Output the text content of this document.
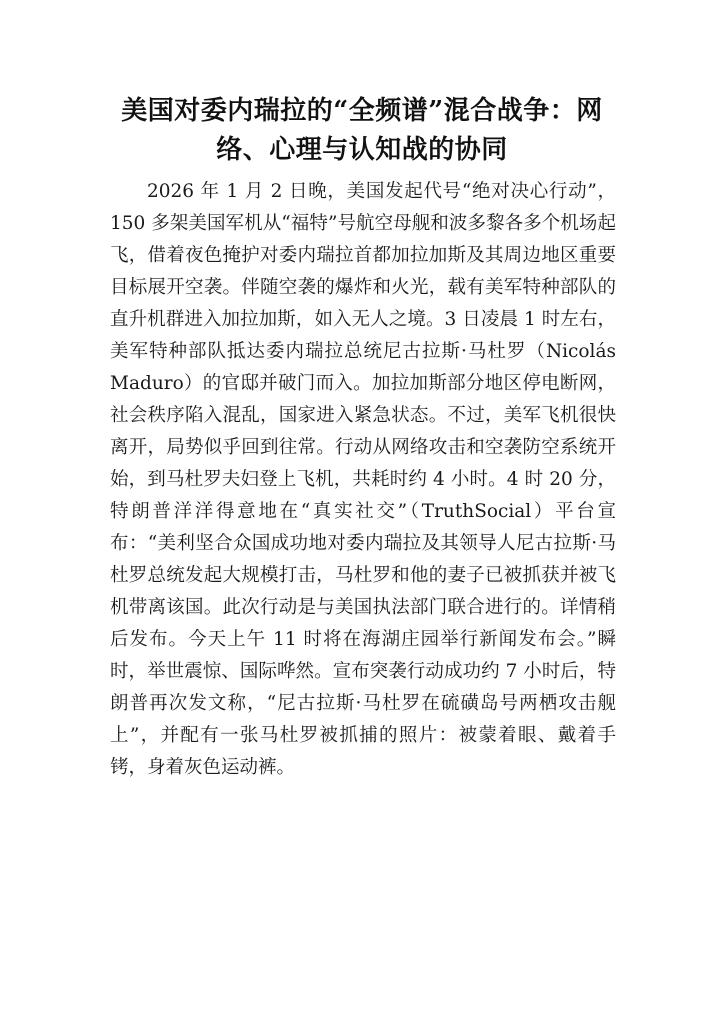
美国对委内瑞拉的“全频谱”混合战争：网络、心理与认知战的协同

2026 年 1 月 2 日晚，美国发起代号“绝对决心行动”，150 多架美国军机从“福特”号航空母舰和波多黎各多个机场起飞，借着夜色掩护对委内瑞拉首都加拉加斯及其周边地区重要目标展开空袭。伴随空袭的爆炸和火光，载有美军特种部队的直升机群进入加拉加斯，如入无人之境。3 日凌晨 1 时左右，美军特种部队抵达委内瑞拉总统尼古拉斯·马杜罗（Nicolás Maduro）的官邸并破门而入。加拉加斯部分地区停电断网，社会秩序陷入混乱，国家进入紧急状态。不过，美军飞机很快离开，局势似乎回到往常。行动从网络攻击和空袭防空系统开始，到马杜罗夫妇登上飞机，共耗时约 4 小时。4 时 20 分，特朗普洋洋得意地在“真实社交”（TruthSocial）平台宣布：“美利坚合众国成功地对委内瑞拉及其领导人尼古拉斯·马杜罗总统发起大规模打击，马杜罗和他的妻子已被抓获并被飞机带离该国。此次行动是与美国执法部门联合进行的。详情稍后发布。今天上午 11 时将在海湖庄园举行新闻发布会。”瞬时，举世震惊、国际哗然。宣布突袭行动成功约 7 小时后，特朗普再次发文称，“尼古拉斯·马杜罗在硫磺岛号两栖攻击舰上”，并配有一张马杜罗被抓捕的照片：被蒙着眼、戴着手铐，身着灰色运动裤。
